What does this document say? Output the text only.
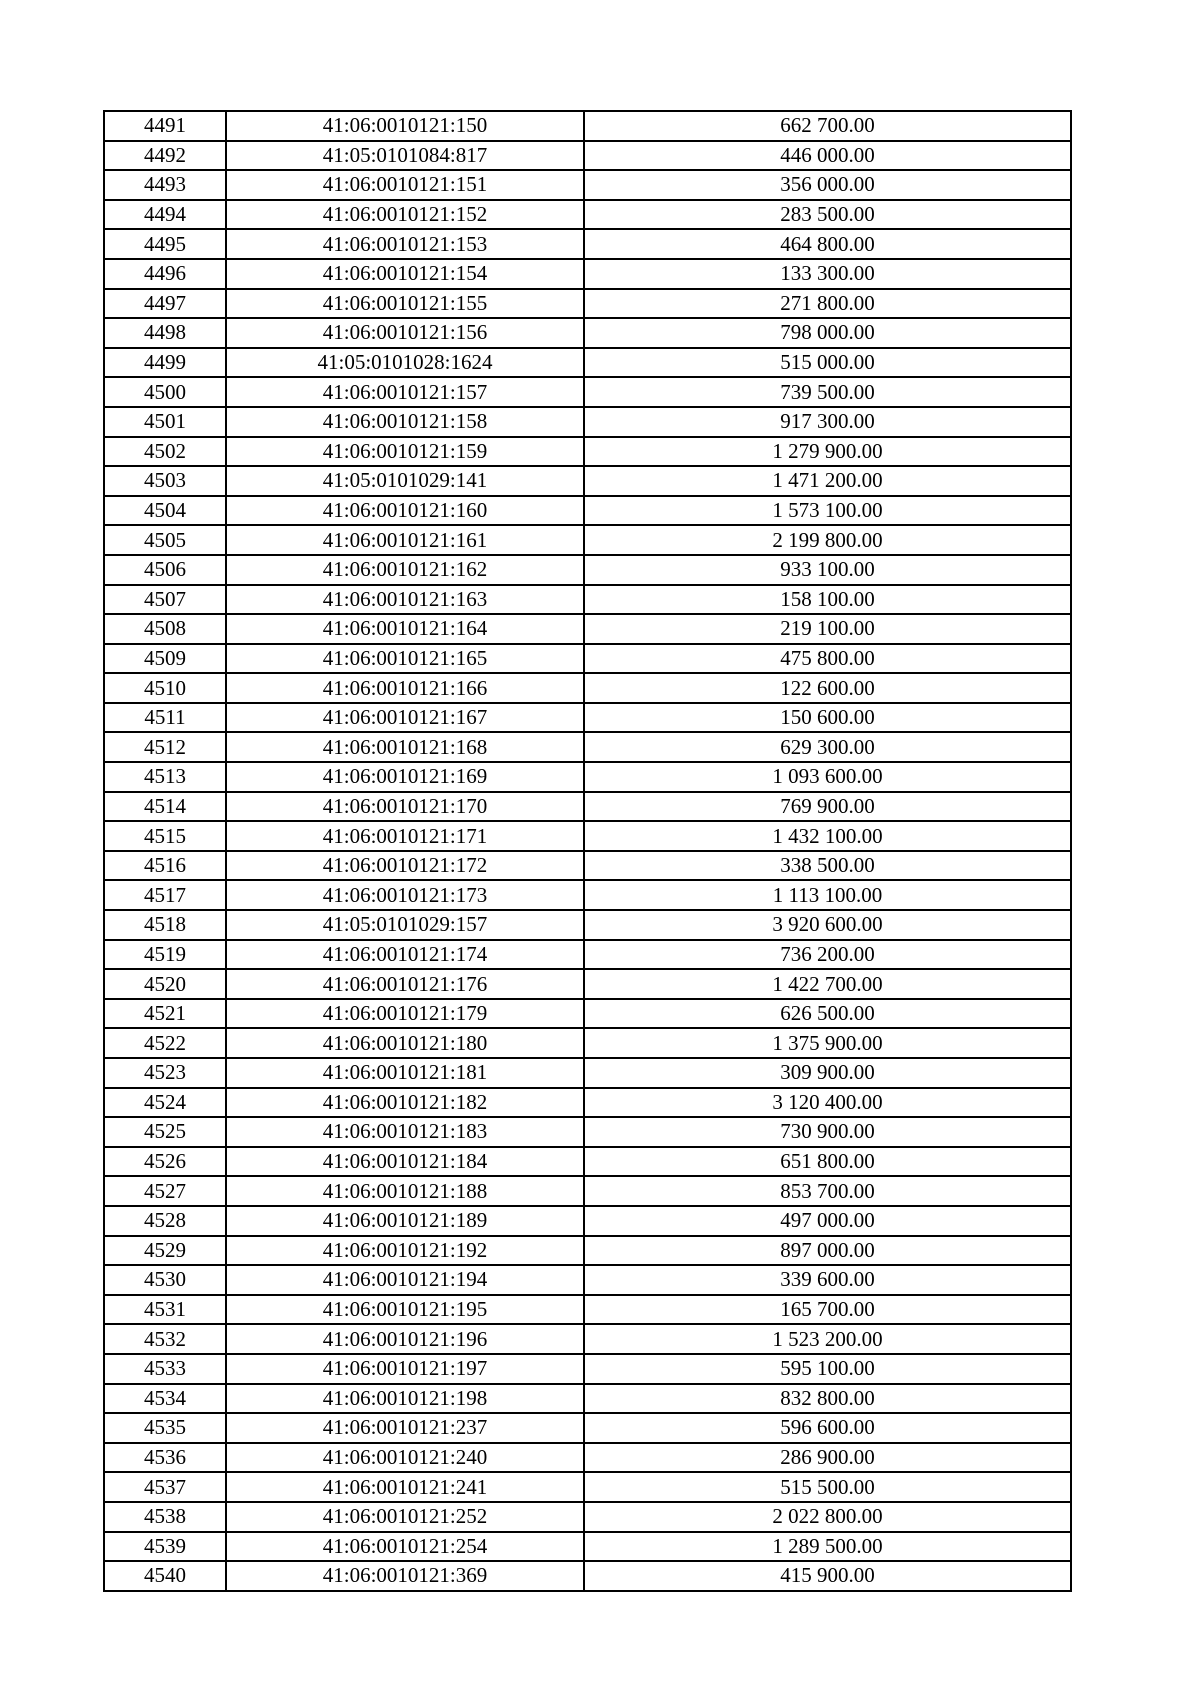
4491	41:06:0010121:150	662 700.00
4492	41:05:0101084:817	446 000.00
4493	41:06:0010121:151	356 000.00
4494	41:06:0010121:152	283 500.00
4495	41:06:0010121:153	464 800.00
4496	41:06:0010121:154	133 300.00
4497	41:06:0010121:155	271 800.00
4498	41:06:0010121:156	798 000.00
4499	41:05:0101028:1624	515 000.00
4500	41:06:0010121:157	739 500.00
4501	41:06:0010121:158	917 300.00
4502	41:06:0010121:159	1 279 900.00
4503	41:05:0101029:141	1 471 200.00
4504	41:06:0010121:160	1 573 100.00
4505	41:06:0010121:161	2 199 800.00
4506	41:06:0010121:162	933 100.00
4507	41:06:0010121:163	158 100.00
4508	41:06:0010121:164	219 100.00
4509	41:06:0010121:165	475 800.00
4510	41:06:0010121:166	122 600.00
4511	41:06:0010121:167	150 600.00
4512	41:06:0010121:168	629 300.00
4513	41:06:0010121:169	1 093 600.00
4514	41:06:0010121:170	769 900.00
4515	41:06:0010121:171	1 432 100.00
4516	41:06:0010121:172	338 500.00
4517	41:06:0010121:173	1 113 100.00
4518	41:05:0101029:157	3 920 600.00
4519	41:06:0010121:174	736 200.00
4520	41:06:0010121:176	1 422 700.00
4521	41:06:0010121:179	626 500.00
4522	41:06:0010121:180	1 375 900.00
4523	41:06:0010121:181	309 900.00
4524	41:06:0010121:182	3 120 400.00
4525	41:06:0010121:183	730 900.00
4526	41:06:0010121:184	651 800.00
4527	41:06:0010121:188	853 700.00
4528	41:06:0010121:189	497 000.00
4529	41:06:0010121:192	897 000.00
4530	41:06:0010121:194	339 600.00
4531	41:06:0010121:195	165 700.00
4532	41:06:0010121:196	1 523 200.00
4533	41:06:0010121:197	595 100.00
4534	41:06:0010121:198	832 800.00
4535	41:06:0010121:237	596 600.00
4536	41:06:0010121:240	286 900.00
4537	41:06:0010121:241	515 500.00
4538	41:06:0010121:252	2 022 800.00
4539	41:06:0010121:254	1 289 500.00
4540	41:06:0010121:369	415 900.00
